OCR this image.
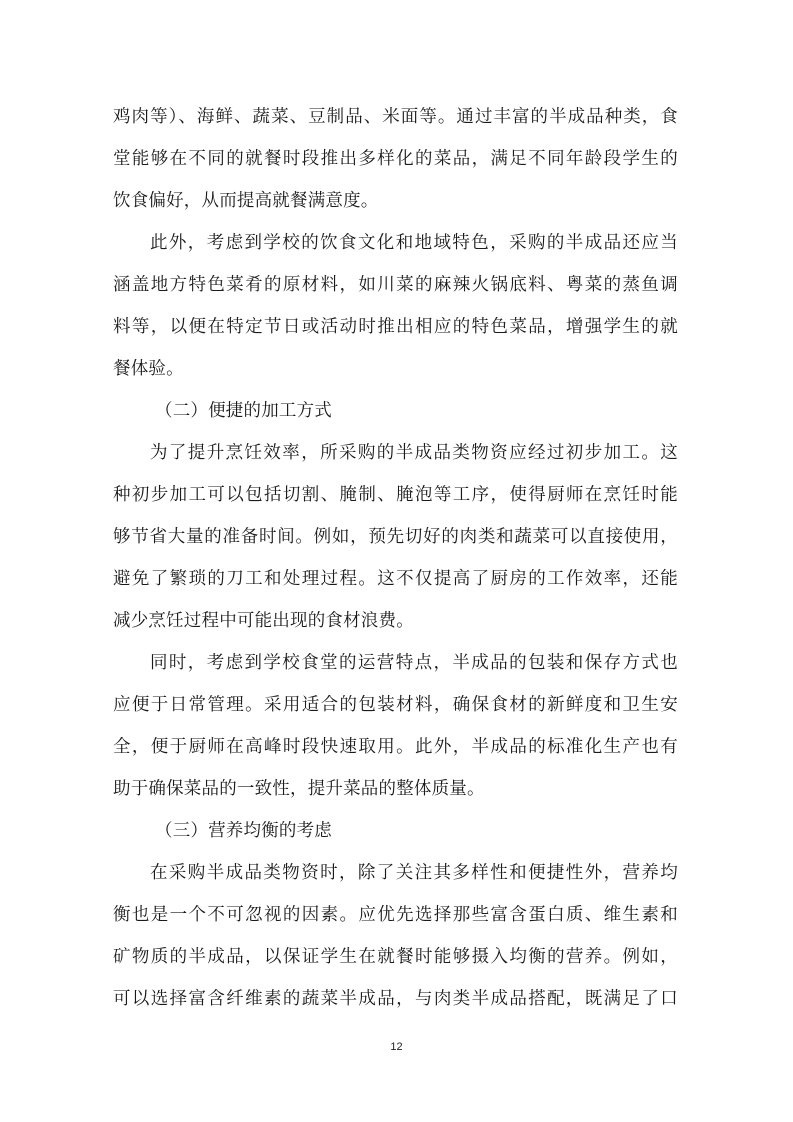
鸡肉等）、海鲜、蔬菜、豆制品、米面等。通过丰富的半成品种类，食
堂能够在不同的就餐时段推出多样化的菜品，满足不同年龄段学生的
饮食偏好，从而提高就餐满意度。
此外，考虑到学校的饮食文化和地域特色，采购的半成品还应当
涵盖地方特色菜肴的原材料，如川菜的麻辣火锅底料、粤菜的蒸鱼调
料等，以便在特定节日或活动时推出相应的特色菜品，增强学生的就
餐体验。
（二）便捷的加工方式
为了提升烹饪效率，所采购的半成品类物资应经过初步加工。这
种初步加工可以包括切割、腌制、腌泡等工序，使得厨师在烹饪时能
够节省大量的准备时间。例如，预先切好的肉类和蔬菜可以直接使用，
避免了繁琐的刀工和处理过程。这不仅提高了厨房的工作效率，还能
减少烹饪过程中可能出现的食材浪费。
同时，考虑到学校食堂的运营特点，半成品的包装和保存方式也
应便于日常管理。采用适合的包装材料，确保食材的新鲜度和卫生安
全，便于厨师在高峰时段快速取用。此外，半成品的标准化生产也有
助于确保菜品的一致性，提升菜品的整体质量。
（三）营养均衡的考虑
在采购半成品类物资时，除了关注其多样性和便捷性外，营养均
衡也是一个不可忽视的因素。应优先选择那些富含蛋白质、维生素和
矿物质的半成品，以保证学生在就餐时能够摄入均衡的营养。例如，
可以选择富含纤维素的蔬菜半成品，与肉类半成品搭配，既满足了口
12
